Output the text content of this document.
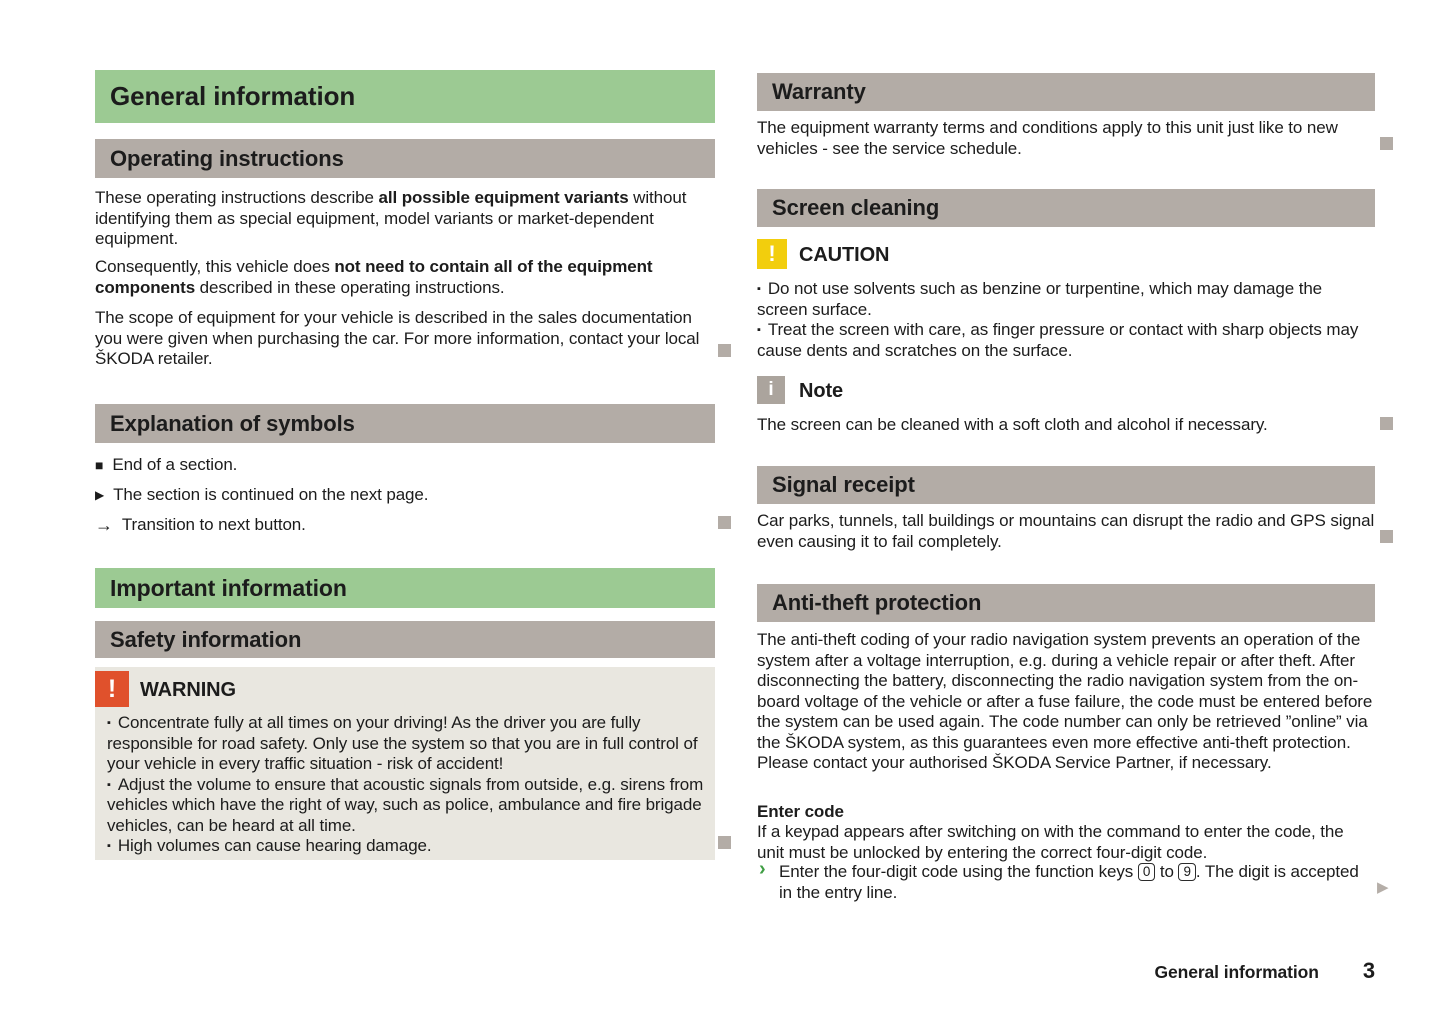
General information
Operating instructions
These operating instructions describe all possible equipment variants without identifying them as special equipment, model variants or market-dependent equipment.
Consequently, this vehicle does not need to contain all of the equipment components described in these operating instructions.
The scope of equipment for your vehicle is described in the sales documentation you were given when purchasing the car. For more information, contact your local ŠKODA retailer.
Explanation of symbols
■ End of a section.
▶ The section is continued on the next page.
→ Transition to next button.
Important information
Safety information
! WARNING
▪ Concentrate fully at all times on your driving! As the driver you are fully responsible for road safety. Only use the system so that you are in full control of your vehicle in every traffic situation - risk of accident!
▪ Adjust the volume to ensure that acoustic signals from outside, e.g. sirens from vehicles which have the right of way, such as police, ambulance and fire brigade vehicles, can be heard at all time.
▪ High volumes can cause hearing damage.
Warranty
The equipment warranty terms and conditions apply to this unit just like to new vehicles - see the service schedule.
Screen cleaning
! CAUTION
▪ Do not use solvents such as benzine or turpentine, which may damage the screen surface.
▪ Treat the screen with care, as finger pressure or contact with sharp objects may cause dents and scratches on the surface.
i Note
The screen can be cleaned with a soft cloth and alcohol if necessary.
Signal receipt
Car parks, tunnels, tall buildings or mountains can disrupt the radio and GPS signal even causing it to fail completely.
Anti-theft protection
The anti-theft coding of your radio navigation system prevents an operation of the system after a voltage interruption, e.g. during a vehicle repair or after theft. After disconnecting the battery, disconnecting the radio navigation system from the on-board voltage of the vehicle or after a fuse failure, the code must be entered before the system can be used again. The code number can only be retrieved ”online” via the ŠKODA system, as this guarantees even more effective anti-theft protection. Please contact your authorised ŠKODA Service Partner, if necessary.
Enter code
If a keypad appears after switching on with the command to enter the code, the unit must be unlocked by entering the correct four-digit code.
› Enter the four-digit code using the function keys 0 to 9 . The digit is accepted in the entry line.	▶
General information 3
